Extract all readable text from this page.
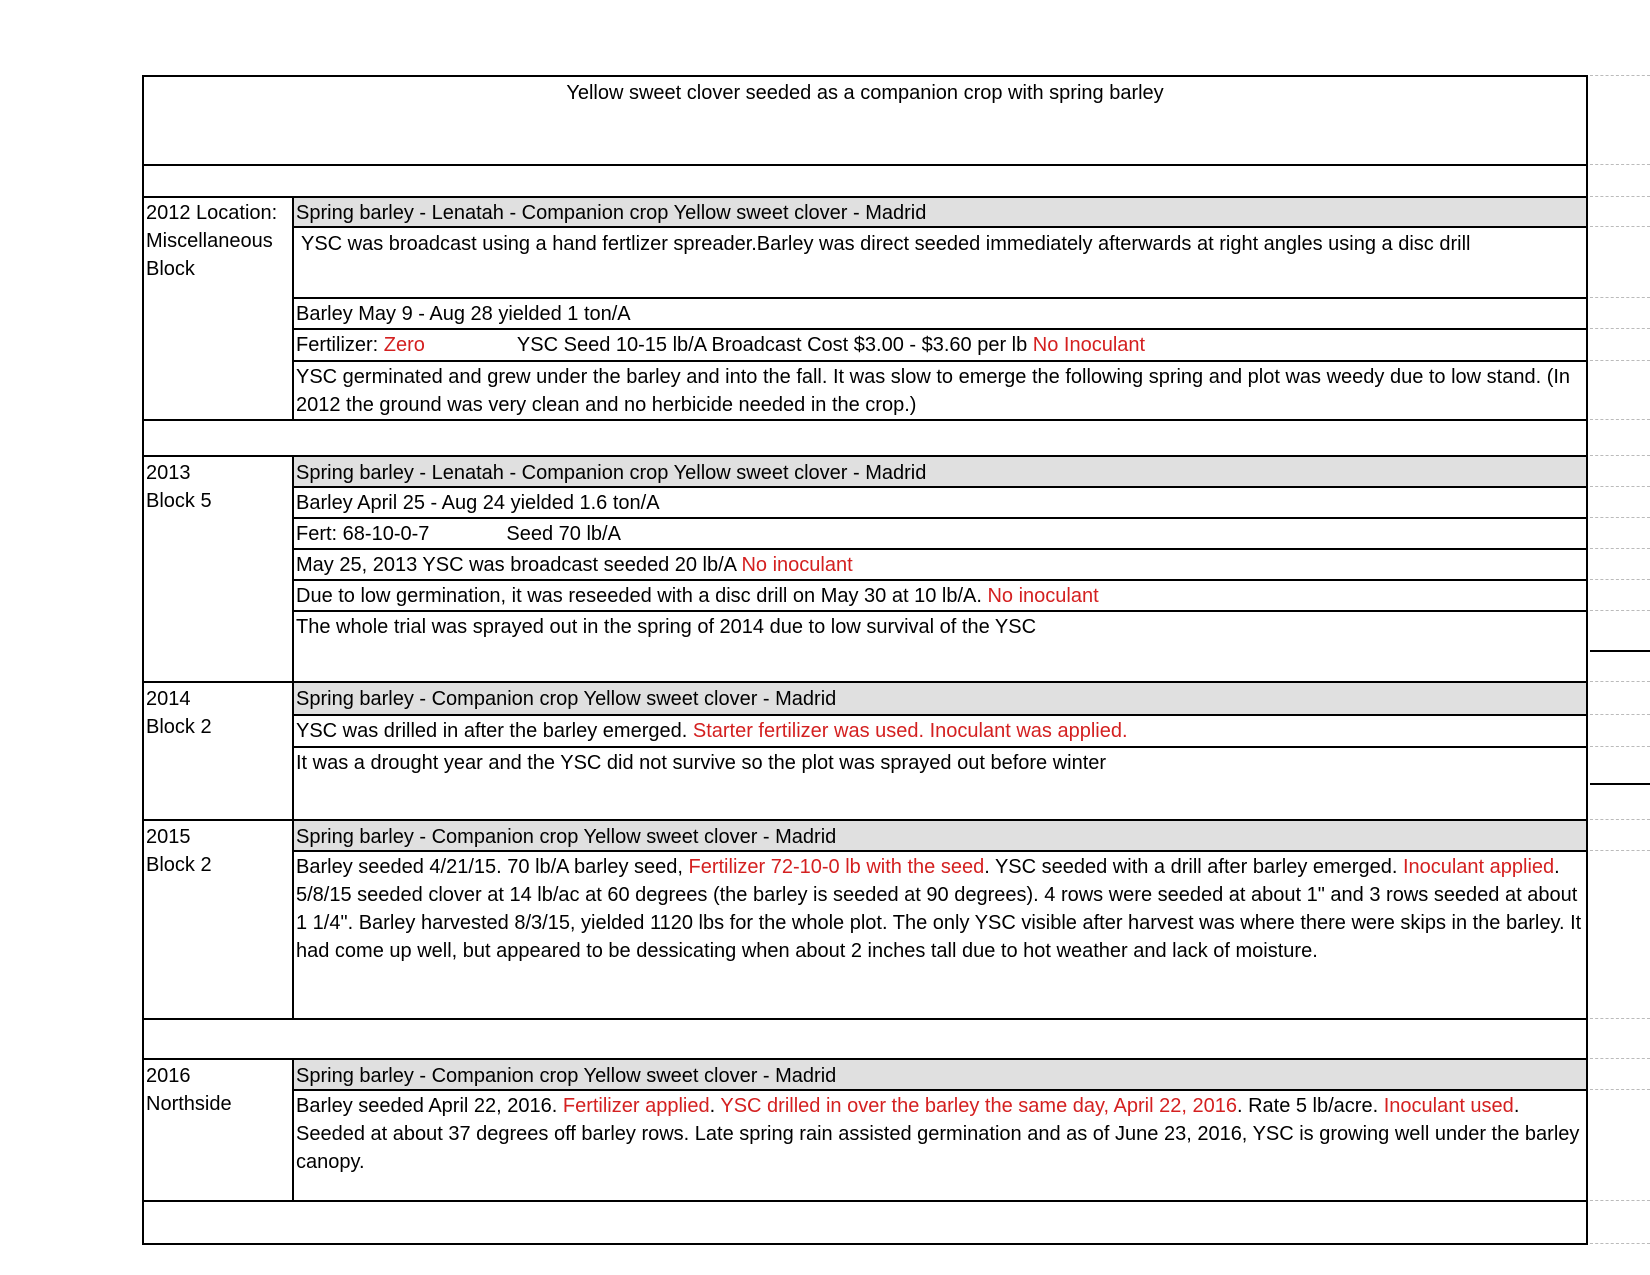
Yellow sweet clover seeded as a companion crop with spring barley
2012 Location:
Miscellaneous
Block
Spring barley - Lenatah - Companion crop Yellow sweet clover - Madrid
YSC was broadcast using a hand fertlizer spreader.Barley was direct seeded immediately afterwards at right angles using a disc drill
Barley May 9 - Aug 28 yielded 1 ton/A
Fertilizer: Zero	YSC Seed 10-15 lb/A Broadcast Cost $3.00 - $3.60 per lb No Inoculant
YSC germinated and grew under the barley and into the fall. It was slow to emerge the following spring and plot was weedy due to low stand. (In 2012 the ground was very clean and no herbicide needed in the crop.)
2013
Block 5
Spring barley - Lenatah - Companion crop Yellow sweet clover - Madrid
Barley April 25 - Aug 24 yielded 1.6 ton/A
Fert: 68-10-0-7	Seed 70 lb/A
May 25, 2013 YSC was broadcast seeded 20 lb/A No inoculant
Due to low germination, it was reseeded with a disc drill on May 30 at 10 lb/A. No inoculant
The whole trial was sprayed out in the spring of 2014 due to low survival of the YSC
2014
Block 2
Spring barley - Companion crop Yellow sweet clover - Madrid
YSC was drilled in after the barley emerged. Starter fertilizer was used. Inoculant was applied.
It was a drought year and the YSC did not survive so the plot was sprayed out before winter
2015
Block 2
Spring barley - Companion crop Yellow sweet clover - Madrid
Barley seeded 4/21/15. 70 lb/A barley seed, Fertilizer 72-10-0 lb with the seed. YSC seeded with a drill after barley emerged. Inoculant applied. 5/8/15 seeded clover at 14 lb/ac at 60 degrees (the barley is seeded at 90 degrees). 4 rows were seeded at about 1" and 3 rows seeded at about 1 1/4". Barley harvested 8/3/15, yielded 1120 lbs for the whole plot. The only YSC visible after harvest was where there were skips in the barley. It had come up well, but appeared to be dessicating when about 2 inches tall due to hot weather and lack of moisture.
2016
Northside
Spring barley - Companion crop Yellow sweet clover - Madrid
Barley seeded April 22, 2016. Fertilizer applied. YSC drilled in over the barley the same day, April 22, 2016. Rate 5 lb/acre. Inoculant used. Seeded at about 37 degrees off barley rows. Late spring rain assisted germination and as of June 23, 2016, YSC is growing well under the barley canopy.
